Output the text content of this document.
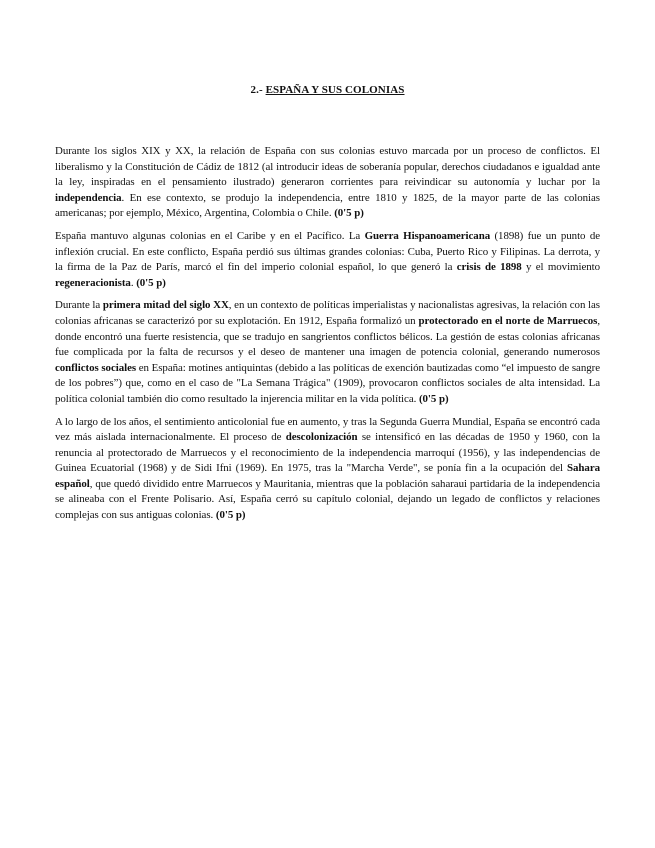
2.- ESPAÑA Y SUS COLONIAS

Durante los siglos XIX y XX, la relación de España con sus colonias estuvo marcada por un proceso de conflictos. El liberalismo y la Constitución de Cádiz de 1812 (al introducir ideas de soberanía popular, derechos ciudadanos e igualdad ante la ley, inspiradas en el pensamiento ilustrado) generaron corrientes para reivindicar su autonomía y luchar por la independencia. En ese contexto, se produjo la independencia, entre 1810 y 1825, de la mayor parte de las colonias americanas; por ejemplo, México, Argentina, Colombia o Chile. (0'5 p)

España mantuvo algunas colonias en el Caribe y en el Pacífico. La Guerra Hispanoamericana (1898) fue un punto de inflexión crucial. En este conflicto, España perdió sus últimas grandes colonias: Cuba, Puerto Rico y Filipinas. La derrota, y la firma de la Paz de París, marcó el fin del imperio colonial español, lo que generó la crisis de 1898 y el movimiento regeneracionista. (0'5 p)

Durante la primera mitad del siglo XX, en un contexto de políticas imperialistas y nacionalistas agresivas, la relación con las colonias africanas se caracterizó por su explotación. En 1912, España formalizó un protectorado en el norte de Marruecos, donde encontró una fuerte resistencia, que se tradujo en sangrientos conflictos bélicos. La gestión de estas colonias africanas fue complicada por la falta de recursos y el deseo de mantener una imagen de potencia colonial, generando numerosos conflictos sociales en España: motines antiquintas (debido a las políticas de exención bautizadas como “el impuesto de sangre de los pobres”) que, como en el caso de "La Semana Trágica" (1909), provocaron conflictos sociales de alta intensidad. La política colonial también dio como resultado la injerencia militar en la vida política. (0'5 p)

A lo largo de los años, el sentimiento anticolonial fue en aumento, y tras la Segunda Guerra Mundial, España se encontró cada vez más aislada internacionalmente. El proceso de descolonización se intensificó en las décadas de 1950 y 1960, con la renuncia al protectorado de Marruecos y el reconocimiento de la independencia marroquí (1956), y las independencias de Guinea Ecuatorial (1968) y de Sidi Ifni (1969). En 1975, tras la "Marcha Verde", se ponía fin a la ocupación del Sahara español, que quedó dividido entre Marruecos y Mauritania, mientras que la población saharaui partidaria de la independencia se alineaba con el Frente Polisario. Así, España cerró su capítulo colonial, dejando un legado de conflictos y relaciones complejas con sus antiguas colonias. (0'5 p)
